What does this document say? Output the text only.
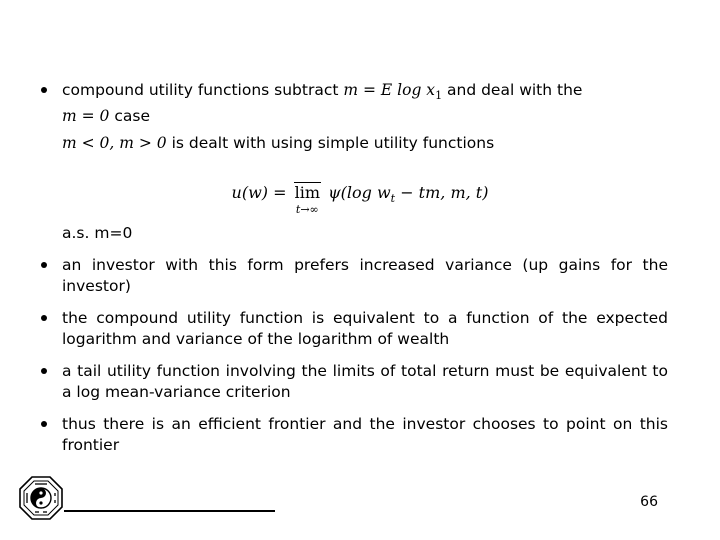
compound utility functions subtract m = E $\log x_1$ and deal with the
m = 0 case
m < 0, m > 0 is dealt with using simple utility functions
u(w) = lim
t→∞
ψ(log $w_t$ − tm, m, t)
a.s. m=0
an investor with this form prefers increased variance (up gains for the investor)
the compound utility function is equivalent to a function of the expected logarithm and variance of the logarithm of wealth
a tail utility function involving the limits of total return must be equivalent to a log mean-variance criterion
thus there is an efficient frontier and the investor chooses to point on this frontier
66
